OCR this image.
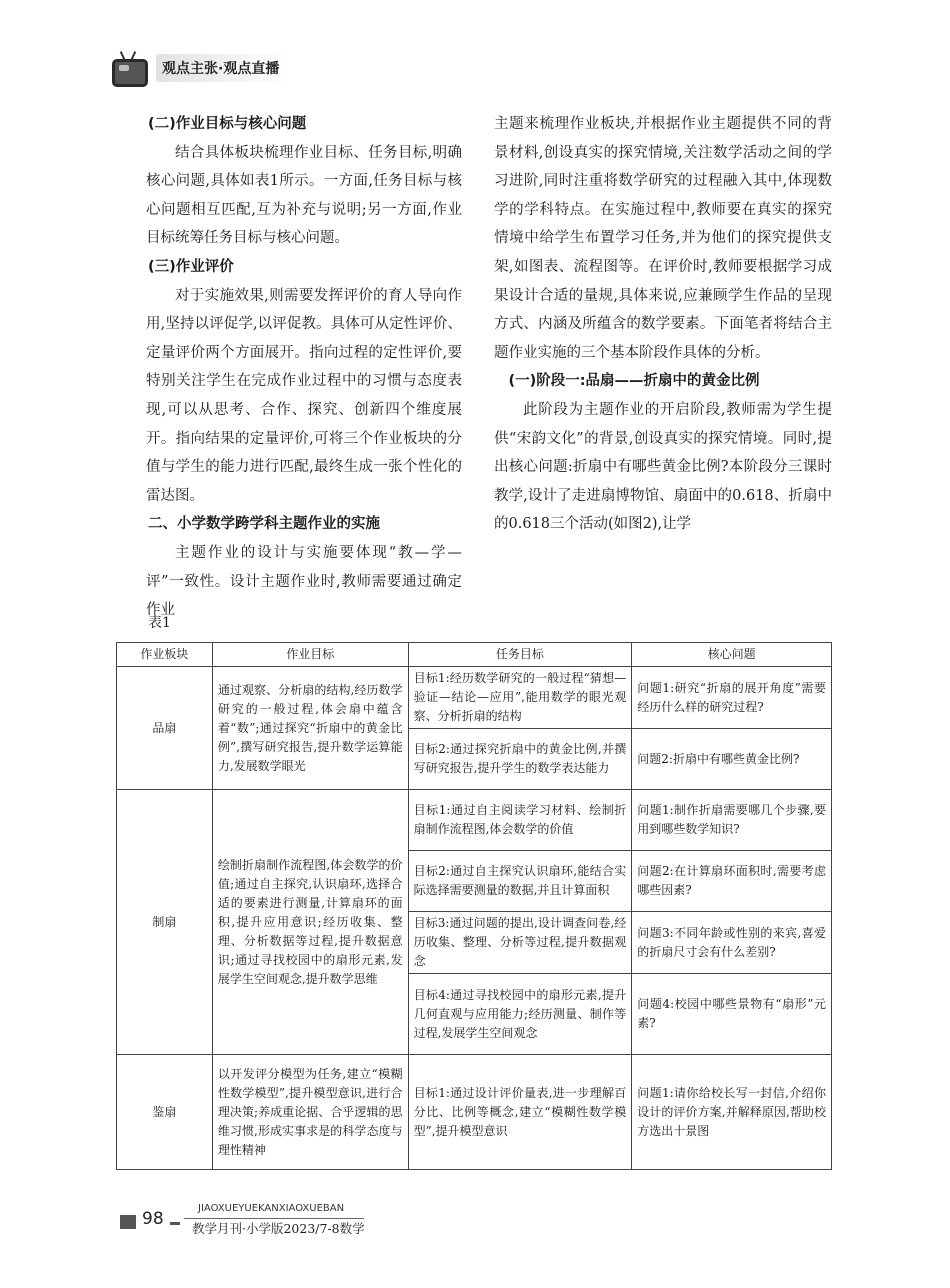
观点主张·观点直播

(二)作业目标与核心问题

结合具体板块梳理作业目标、任务目标,明确核心问题,具体如表1所示。一方面,任务目标与核心问题相互匹配,互为补充与说明;另一方面,作业目标统筹任务目标与核心问题。

(三)作业评价

对于实施效果,则需要发挥评价的育人导向作用,坚持以评促学,以评促教。具体可从定性评价、定量评价两个方面展开。指向过程的定性评价,要特别关注学生在完成作业过程中的习惯与态度表现,可以从思考、合作、探究、创新四个维度展开。指向结果的定量评价,可将三个作业板块的分值与学生的能力进行匹配,最终生成一张个性化的雷达图。

二、小学数学跨学科主题作业的实施

主题作业的设计与实施要体现“教—学—评”一致性。设计主题作业时,教师需要通过确定作业

主题来梳理作业板块,并根据作业主题提供不同的背景材料,创设真实的探究情境,关注数学活动之间的学习进阶,同时注重将数学研究的过程融入其中,体现数学的学科特点。在实施过程中,教师要在真实的探究情境中给学生布置学习任务,并为他们的探究提供支架,如图表、流程图等。在评价时,教师要根据学习成果设计合适的量规,具体来说,应兼顾学生作品的呈现方式、内涵及所蕴含的数学要素。下面笔者将结合主题作业实施的三个基本阶段作具体的分析。

(一)阶段一:品扇——折扇中的黄金比例

此阶段为主题作业的开启阶段,教师需为学生提供“宋韵文化”的背景,创设真实的探究情境。同时,提出核心问题:折扇中有哪些黄金比例?本阶段分三课时教学,设计了走进扇博物馆、扇面中的0.618、折扇中的0.618三个活动(如图2),让学

表1
作业板块	作业目标	任务目标	核心问题
品扇	通过观察、分析扇的结构,经历数学研究的一般过程,体会扇中蕴含着“数”;通过探究“折扇中的黄金比例”,撰写研究报告,提升数学运算能力,发展数学眼光	目标1:经历数学研究的一般过程“猜想—验证—结论—应用”,能用数学的眼光观察、分析折扇的结构	问题1:研究“折扇的展开角度”需要经历什么样的研究过程?
		目标2:通过探究折扇中的黄金比例,并撰写研究报告,提升学生的数学表达能力	问题2:折扇中有哪些黄金比例?
制扇	绘制折扇制作流程图,体会数学的价值;通过自主探究,认识扇环,选择合适的要素进行测量,计算扇环的面积,提升应用意识;经历收集、整理、分析数据等过程,提升数据意识;通过寻找校园中的扇形元素,发展学生空间观念,提升数学思维	目标1:通过自主阅读学习材料、绘制折扇制作流程图,体会数学的价值	问题1:制作折扇需要哪几个步骤,要用到哪些数学知识?
		目标2:通过自主探究认识扇环,能结合实际选择需要测量的数据,并且计算面积	问题2:在计算扇环面积时,需要考虑哪些因素?
		目标3:通过问题的提出,设计调查问卷,经历收集、整理、分析等过程,提升数据观念	问题3:不同年龄或性别的来宾,喜爱的折扇尺寸会有什么差别?
		目标4:通过寻找校园中的扇形元素,提升几何直观与应用能力;经历测量、制作等过程,发展学生空间观念	问题4:校园中哪些景物有“扇形”元素?
鉴扇	以开发评分模型为任务,建立“模糊性数学模型”,提升模型意识,进行合理决策;养成重论据、合乎逻辑的思维习惯,形成实事求是的科学态度与理性精神	目标1:通过设计评价量表,进一步理解百分比、比例等概念,建立“模糊性数学模型”,提升模型意识	问题1:请你给校长写一封信,介绍你设计的评价方案,并解释原因,帮助校方选出十景图
98
JIAOXUEYUEKANXIAOXUEBAN
教学月刊·小学版2023/7-8数学
